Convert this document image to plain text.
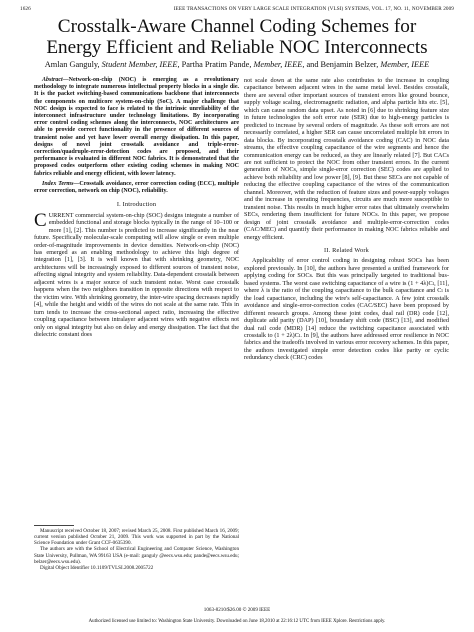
1626	IEEE TRANSACTIONS ON VERY LARGE SCALE INTEGRATION (VLSI) SYSTEMS, VOL. 17, NO. 11, NOVEMBER 2009
Crosstalk-Aware Channel Coding Schemes for
Energy Efficient and Reliable NOC Interconnects
Amlan Ganguly, Student Member, IEEE, Partha Pratim Pande, Member, IEEE, and Benjamin Belzer, Member, IEEE

Abstract—Network-on-chip (NOC) is emerging as a revolutionary methodology to integrate numerous intellectual property blocks in a single die. It is the packet switching-based communications backbone that interconnects the components on multicore system-on-chip (SoC). A major challenge that NOC design is expected to face is related to the intrinsic unreliability of the interconnect infrastructure under technology limitations. By incorporating error control coding schemes along the interconnects, NOC architectures are able to provide correct functionality in the presence of different sources of transient noise and yet have lower overall energy dissipation. In this paper, designs of novel joint crosstalk avoidance and triple-error-correction/quadruple-error-detection codes are proposed, and their performance is evaluated in different NOC fabrics. It is demonstrated that the proposed codes outperform other existing coding schemes in making NOC fabrics reliable and energy efficient, with lower latency.

Index Terms—Crosstalk avoidance, error correction coding (ECC), multiple error correction, network on chip (NOC), reliability.

I. Introduction

CURRENT commercial system-on-chip (SOC) designs integrate a number of embedded functional and storage blocks typically in the range of 10–100 or more [1], [2]. This number is predicted to increase significantly in the near future. Specifically molecular-scale computing will allow single or even multiple order-of-magnitude improvements in device densities. Network-on-chip (NOC) has emerged as an enabling methodology to achieve this high degree of integration [1], [3]. It is well known that with shrinking geometry, NOC architectures will be increasingly exposed to different sources of transient noise, affecting signal integrity and system reliability. Data-dependent crosstalk between adjacent wires is a major source of such transient noise. Worst case crosstalk happens when the two neighbors transition in opposite directions with respect to the victim wire. With shrinking geometry, the inter-wire spacing decreases rapidly [4], while the height and width of the wires do not scale at the same rate. This in turn tends to increase the cross-sectional aspect ratio, increasing the effective coupling capacitance between intralayer adjacent wires with negative effects not only on signal integrity but also on delay and energy dissipation. The fact that the dielectric constant does

Manuscript received October 18, 2007; revised March 25, 2008. First published March 16, 2009; current version published October 21, 2009. This work was supported in part by the National Science Foundation under Grant CCF-0635390.

The authors are with the School of Electrical Engineering and Computer Science, Washington State University, Pullman, WA 99163 USA (e-mail: ganguly @eecs.wsu.edu; pande@eecs.wsu.edu; belzer@eecs.wsu.edu).

Digital Object Identifier 10.1109/TVLSI.2008.2005722

not scale down at the same rate also contributes to the increase in coupling capacitance between adjacent wires in the same metal level. Besides crosstalk, there are several other important sources of transient errors like ground bounce, supply voltage scaling, electromagnetic radiation, and alpha particle hits etc. [5], which can cause random data upset. As noted in [6] due to shrinking feature size in future technologies the soft error rate (SER) due to high-energy particles is predicted to increase by several orders of magnitude. As these soft errors are not necessarily correlated, a higher SER can cause uncorrelated multiple bit errors in data blocks. By incorporating crosstalk avoidance coding (CAC) in NOC data streams, the effective coupling capacitance of the wire segments and hence the communication energy can be reduced, as they are linearly related [7]. But CACs are not sufficient to protect the NOC from other transient errors. In the current generation of NOCs, simple single-error correction (SEC) codes are applied to achieve both reliability and low power [8], [9]. But these SECs are not capable of reducing the effective coupling capacitance of the wires of the communication channel. Moreover, with the reduction of feature sizes and power-supply voltages and the increase in operating frequencies, circuits are much more susceptible to transient noise. This results in much higher error rates that ultimately overwhelm SECs, rendering them insufficient for future NOCs. In this paper, we propose design of joint crosstalk avoidance and multiple-error-correction codes (CAC/MEC) and quantify their performance in making NOC fabrics reliable and energy efficient.

II. Related Work

Applicability of error control coding in designing robust SOCs has been explored previously. In [10], the authors have presented a unified framework for applying coding for SOCs. But this was principally targeted to traditional bus-based systems. The worst case switching capacitance of a wire is (1 + 4λ)Cₗ, [11], where λ is the ratio of the coupling capacitance to the bulk capacitance and Cₗ is the load capacitance, including the wire's self-capacitance. A few joint crosstalk avoidance and single-error-correction codes (CAC/SEC) have been proposed by different research groups. Among these joint codes, dual rail (DR) code [12], duplicate add parity (DAP) [10], boundary shift code (BSC) [13], and modified dual rail code (MDR) [14] reduce the switching capacitance associated with crosstalk to (1 + 2λ)Cₗ. In [9], the authors have addressed error resilience in NOC fabrics and the tradeoffs involved in various error recovery schemes. In this paper, the authors investigated simple error detection codes like parity or cyclic redundancy check (CRC) codes

1063-8210/$26.00 © 2009 IEEE
Authorized licensed use limited to: Washington State University. Downloaded on June 18,2010 at 22:16:12 UTC from IEEE Xplore. Restrictions apply.
